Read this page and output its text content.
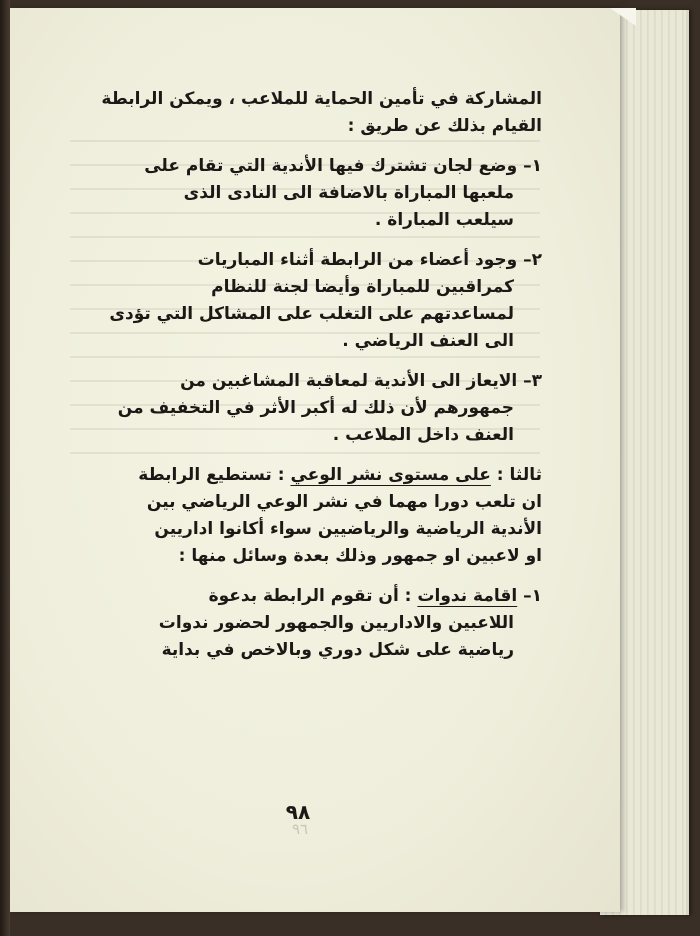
المشاركة في تأمين الحماية للملاعب ، ويمكن الرابطة
القيام بذلك عن طريق :
١– وضع لجان تشترك فيها الأندية التي تقام على
ملعبها المباراة بالاضافة الى النادى الذى
سيلعب المباراة .
٢– وجود أعضاء من الرابطة أثناء المباريات
كمراقبين للمباراة وأيضا لجنة للنظام
لمساعدتهم على التغلب على المشاكل التي تؤدى
الى العنف الرياضي .
٣– الايعاز الى الأندية لمعاقبة المشاغبين من
جمهورهم لأن ذلك له أكبر الأثر في التخفيف من
العنف داخل الملاعب .
ثالثا : على مستوى نشر الوعي : تستطيع الرابطة
ان تلعب دورا مهما في نشر الوعي الرياضي بين
الأندية الرياضية والرياضيين سواء أكانوا اداريين
او لاعبين او جمهور وذلك بعدة وسائل منها :
١– اقامة ندوات : أن تقوم الرابطة بدعوة
اللاعبين والاداريين والجمهور لحضور ندوات
رياضية على شكل دوري وبالاخص في بداية
٩٨
٩٦
